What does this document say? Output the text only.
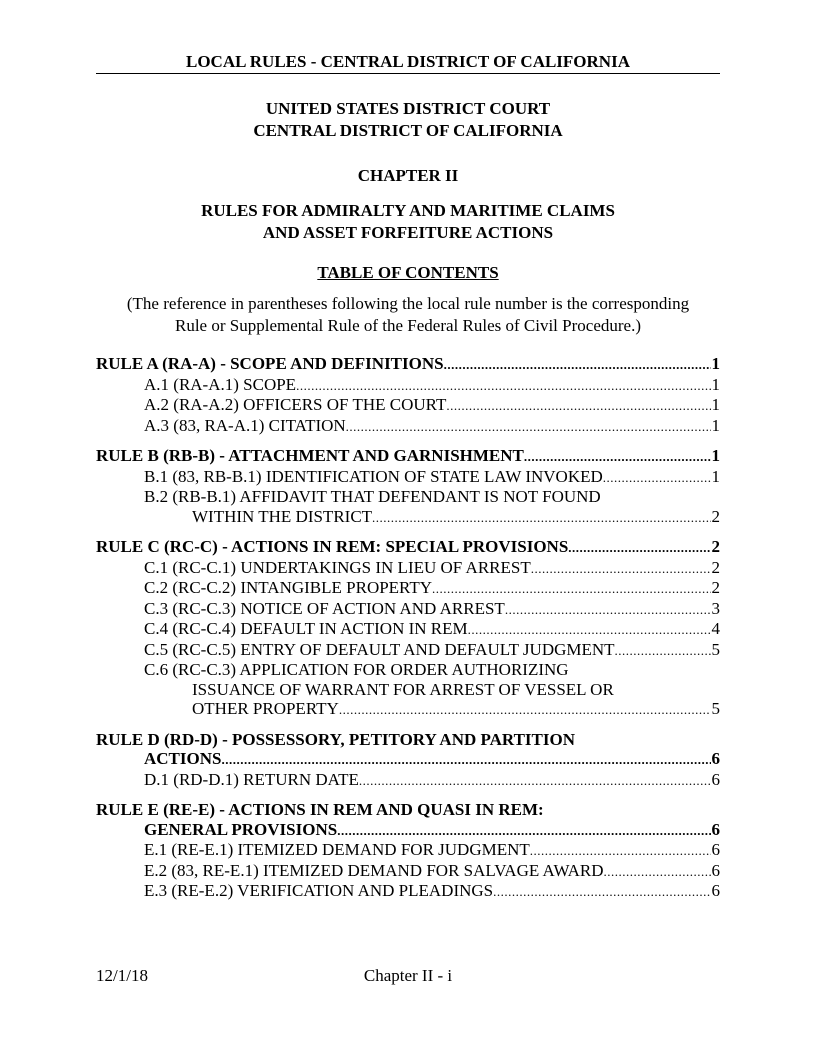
LOCAL RULES - CENTRAL DISTRICT OF CALIFORNIA
UNITED STATES DISTRICT COURT
CENTRAL DISTRICT OF CALIFORNIA
CHAPTER II
RULES FOR ADMIRALTY AND MARITIME CLAIMS
AND ASSET FORFEITURE ACTIONS
TABLE OF CONTENTS
(The reference in parentheses following the local rule number is the corresponding
Rule or Supplemental Rule of the Federal Rules of Civil Procedure.)
RULE A (RA-A) - SCOPE AND DEFINITIONS .....	1
A.1 (RA-A.1) SCOPE .....	1
A.2 (RA-A.2) OFFICERS OF THE COURT .....	1
A.3 (83, RA-A.1) CITATION .....	1
RULE B (RB-B) - ATTACHMENT AND GARNISHMENT .....	1
B.1 (83, RB-B.1) IDENTIFICATION OF STATE LAW INVOKED .....	1
B.2 (RB-B.1) AFFIDAVIT THAT DEFENDANT IS NOT FOUND
WITHIN THE DISTRICT .....	2
RULE C (RC-C) - ACTIONS IN REM: SPECIAL PROVISIONS .....	2
C.1 (RC-C.1) UNDERTAKINGS IN LIEU OF ARREST .....	2
C.2 (RC-C.2) INTANGIBLE PROPERTY .....	2
C.3 (RC-C.3) NOTICE OF ACTION AND ARREST .....	3
C.4 (RC-C.4) DEFAULT IN ACTION IN REM .....	4
C.5 (RC-C.5) ENTRY OF DEFAULT AND DEFAULT JUDGMENT .....	5
C.6 (RC-C.3) APPLICATION FOR ORDER AUTHORIZING
ISSUANCE OF WARRANT FOR ARREST OF VESSEL OR
OTHER PROPERTY .....	5
RULE D (RD-D) - POSSESSORY, PETITORY AND PARTITION
ACTIONS .....	6
D.1 (RD-D.1) RETURN DATE .....	6
RULE E (RE-E) - ACTIONS IN REM AND QUASI IN REM:
GENERAL PROVISIONS .....	6
E.1 (RE-E.1) ITEMIZED DEMAND FOR JUDGMENT .....	6
E.2 (83, RE-E.1) ITEMIZED DEMAND FOR SALVAGE AWARD .....	6
E.3 (RE-E.2) VERIFICATION AND PLEADINGS .....	6
12/1/18	Chapter II - i
